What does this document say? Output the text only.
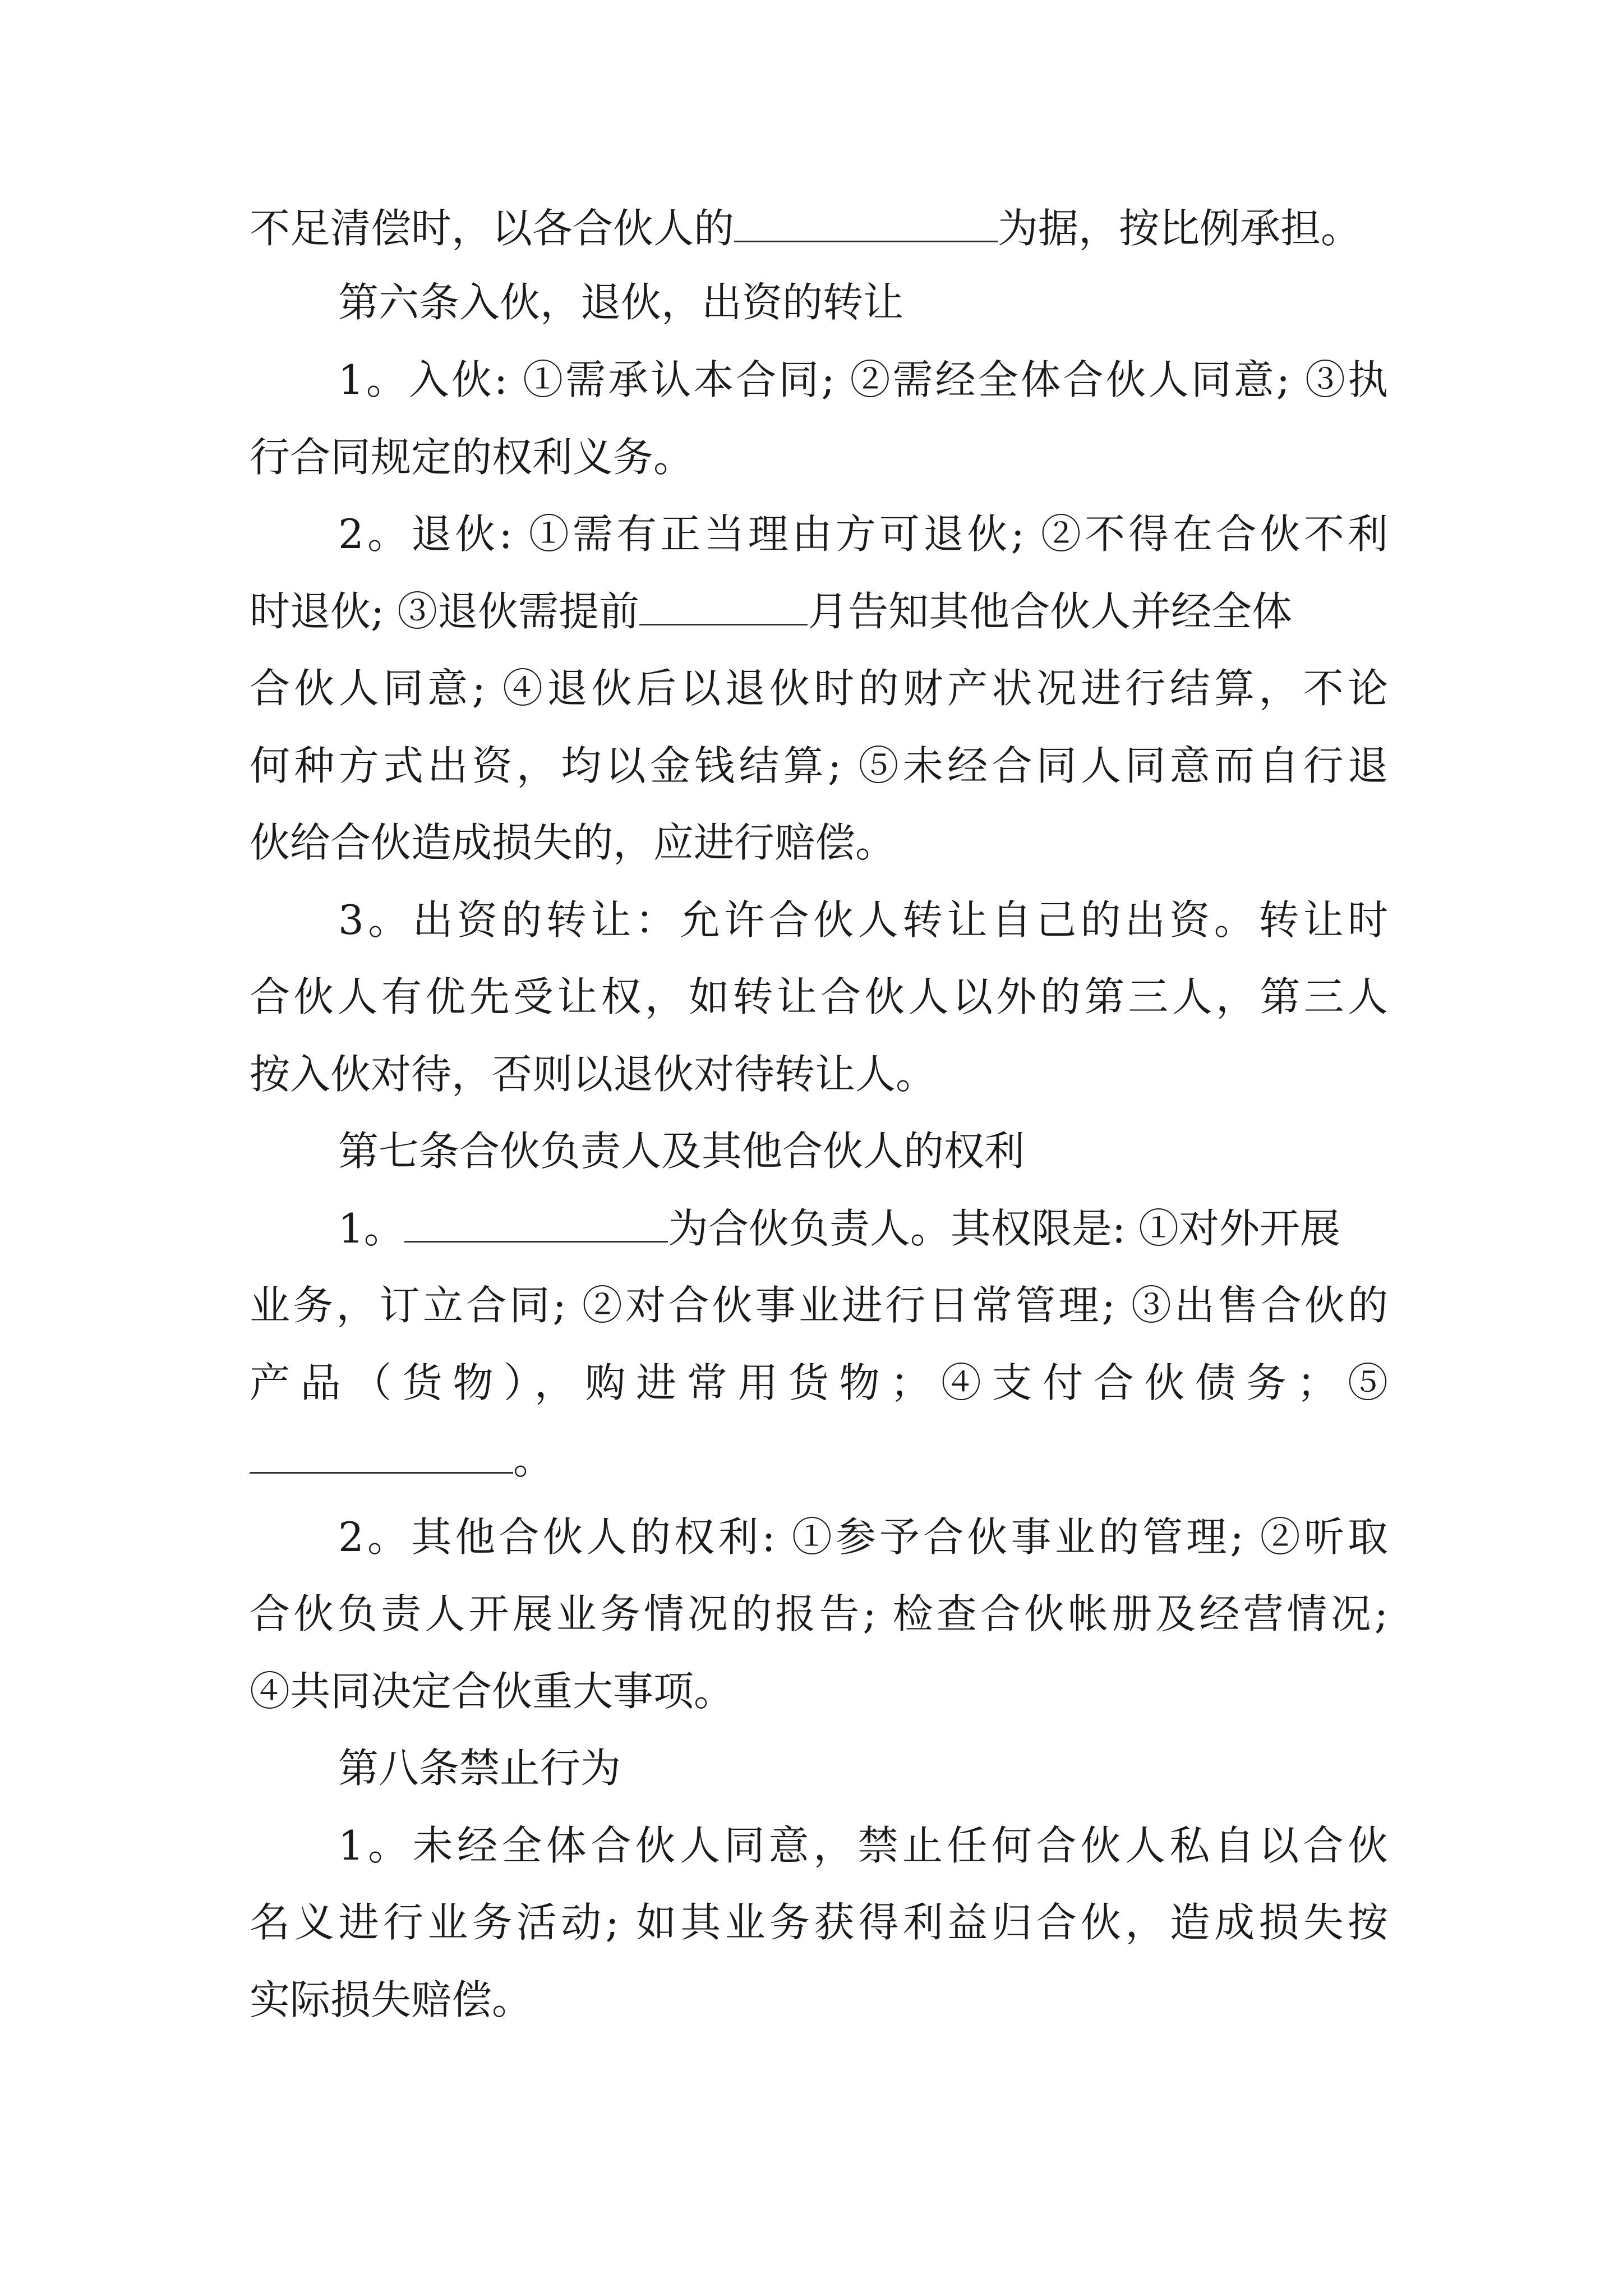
不足清偿时，以各合伙人的	为据，按比例承担。
第六条入伙，退伙，出资的转让
1。入伙: ①需承认本合同; ②需经全体合伙人同意; ③执
行合同规定的权利义务。
2。退伙: ①需有正当理由方可退伙; ②不得在合伙不利
时退伙; ③退伙需提前	月告知其他合伙人并经全体
合伙人同意; ④退伙后以退伙时的财产状况进行结算，不论
何种方式出资，均以金钱结算; ⑤未经合同人同意而自行退
伙给合伙造成损失的，应进行赔偿。
3。出资的转让：允许合伙人转让自己的出资。转让时
合伙人有优先受让权，如转让合伙人以外的第三人，第三人
按入伙对待，否则以退伙对待转让人。
第七条合伙负责人及其他合伙人的权利
1。	为合伙负责人。其权限是: ①对外开展
业务，订立合同; ②对合伙事业进行日常管理; ③出售合伙的
产品（货物），购进常用货物；④支付合伙债务；⑤
。
2。其他合伙人的权利: ①参予合伙事业的管理; ②听取
合伙负责人开展业务情况的报告; 检查合伙帐册及经营情况;
④共同决定合伙重大事项。
第八条禁止行为
1。未经全体合伙人同意，禁止任何合伙人私自以合伙
名义进行业务活动; 如其业务获得利益归合伙，造成损失按
实际损失赔偿。
